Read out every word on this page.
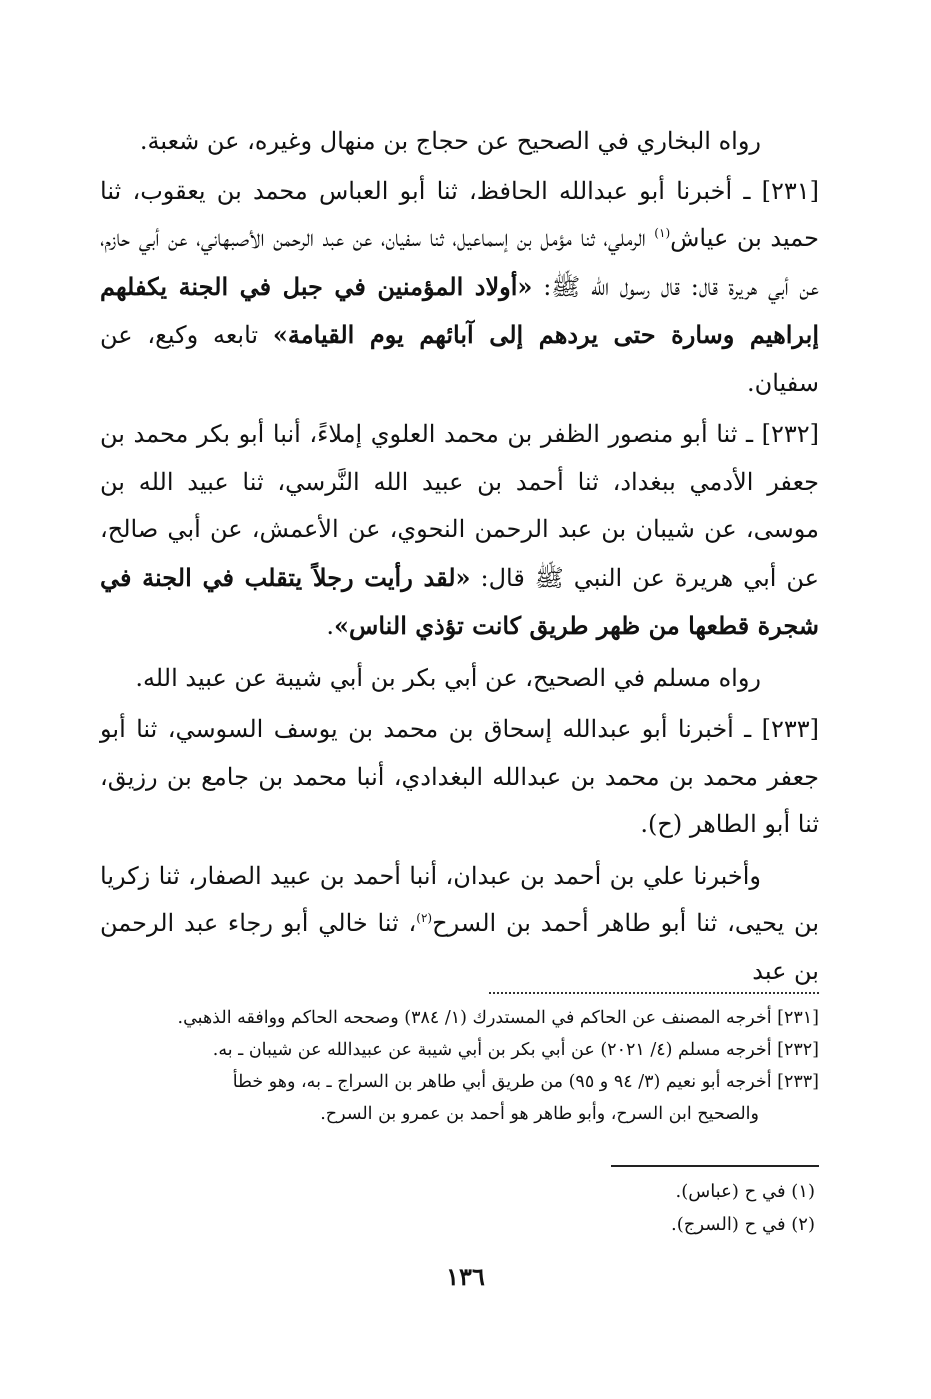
رواه البخاري في الصحيح عن حجاج بن منهال وغيره، عن شعبة.

[٢٣١] ـ أخبرنا أبو عبدالله الحافظ، ثنا أبو العباس محمد بن يعقوب، ثنا حميد بن عياش$^{(١)}$ الرملي، ثنا مؤمل بن إسماعيل، ثنا سفيان، عن عبد الرحمن الأصبهاني، عن أبي حازم، عن أبي هريرة قال: قال رسول الله ﷺ: «أولاد المؤمنين في جبل في الجنة يكفلهم إبراهيم وسارة حتى يردهم إلى آبائهم يوم القيامة» تابعه وكيع، عن سفيان.

[٢٣٢] ـ ثنا أبو منصور الظفر بن محمد العلوي إملاءً، أنبا أبو بكر محمد بن جعفر الأدمي ببغداد، ثنا أحمد بن عبيد الله النَّرسي، ثنا عبيد الله بن موسى، عن شيبان بن عبد الرحمن النحوي، عن الأعمش، عن أبي صالح، عن أبي هريرة عن النبي ﷺ قال: «لقد رأيت رجلاً يتقلب في الجنة في شجرة قطعها من ظهر طريق كانت تؤذي الناس».

رواه مسلم في الصحيح، عن أبي بكر بن أبي شيبة عن عبيد الله.

[٢٣٣] ـ أخبرنا أبو عبدالله إسحاق بن محمد بن يوسف السوسي، ثنا أبو جعفر محمد بن محمد بن عبدالله البغدادي، أنبا محمد بن جامع بن رزيق، ثنا أبو الطاهر (ح).

وأخبرنا علي بن أحمد بن عبدان، أنبا أحمد بن عبيد الصفار، ثنا زكريا بن يحيى، ثنا أبو طاهر أحمد بن السرح$^{(٢)}$، ثنا خالي أبو رجاء عبد الرحمن بن عبد

[٢٣١] أخرجه المصنف عن الحاكم في المستدرك (١/ ٣٨٤) وصححه الحاكم ووافقه الذهبي.

[٢٣٢] أخرجه مسلم (٤/ ٢٠٢١) عن أبي بكر بن أبي شيبة عن عبيدالله عن شيبان ـ به.

[٢٣٣] أخرجه أبو نعيم (٣/ ٩٤ و ٩٥) من طريق أبي طاهر بن السراج ـ به، وهو خطأ

والصحيح ابن السرح، وأبو طاهر هو أحمد بن عمرو بن السرح.

(١) في ح (عباس).

(٢) في ح (السرج).

١٣٦
